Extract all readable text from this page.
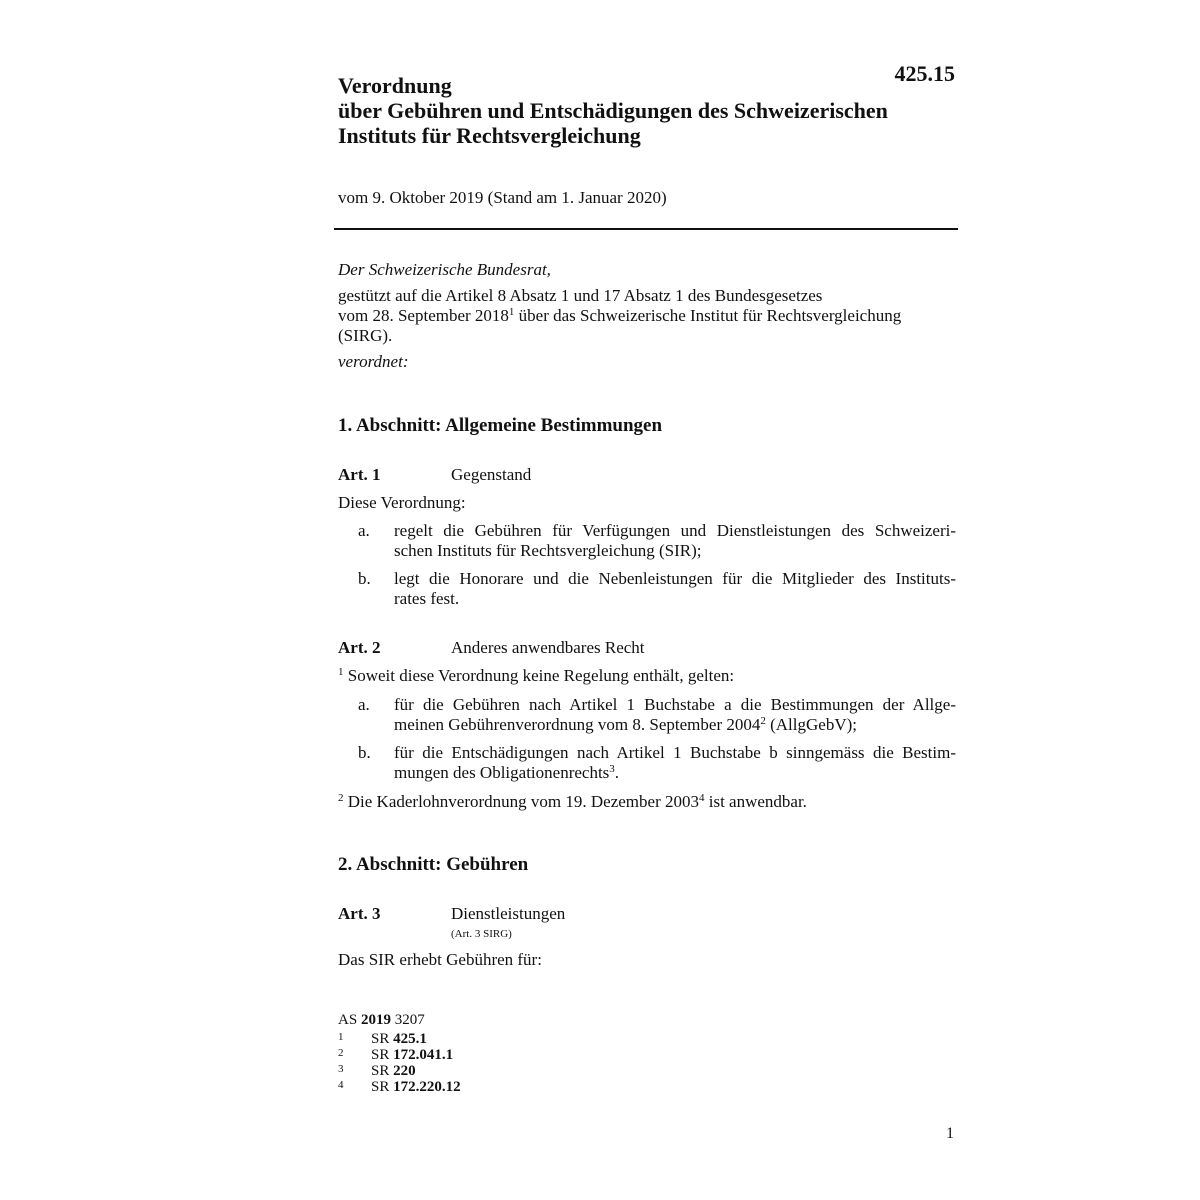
425.15
Verordnung
über Gebühren und Entschädigungen des Schweizerischen
Instituts für Rechtsvergleichung
vom 9. Oktober 2019 (Stand am 1. Januar 2020)
Der Schweizerische Bundesrat,
gestützt auf die Artikel 8 Absatz 1 und 17 Absatz 1 des Bundesgesetzes
vom 28. September 2018$^1$ über das Schweizerische Institut für Rechtsvergleichung
(SIRG).
verordnet:
1. Abschnitt: Allgemeine Bestimmungen
Art. 1	Gegenstand
Diese Verordnung:
a. regelt die Gebühren für Verfügungen und Dienstleistungen des Schweizeri-
schen Instituts für Rechtsvergleichung (SIR);
b. legt die Honorare und die Nebenleistungen für die Mitglieder des Instituts-
rates fest.
Art. 2	Anderes anwendbares Recht
$^1$ Soweit diese Verordnung keine Regelung enthält, gelten:
a. für die Gebühren nach Artikel 1 Buchstabe a die Bestimmungen der Allge-
meinen Gebührenverordnung vom 8. September 2004$^2$ (AllgGebV);
b. für die Entschädigungen nach Artikel 1 Buchstabe b sinngemäss die Bestim-
mungen des Obligationenrechts$^3$.
$^2$ Die Kaderlohnverordnung vom 19. Dezember 2003$^4$ ist anwendbar.
2. Abschnitt: Gebühren
Art. 3	Dienstleistungen
(Art. 3 SIRG)
Das SIR erhebt Gebühren für:
AS 2019 3207
1 SR 425.1
2 SR 172.041.1
3 SR 220
4 SR 172.220.12
1
